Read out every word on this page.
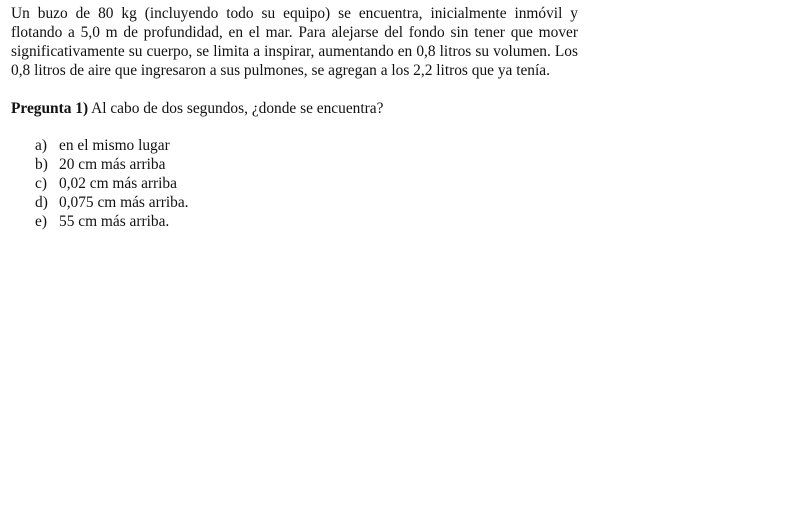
Un buzo de 80 kg (incluyendo todo su equipo) se encuentra, inicialmente inmóvil y flotando a 5,0 m de profundidad, en el mar. Para alejarse del fondo sin tener que mover significativamente su cuerpo, se limita a inspirar, aumentando en 0,8 litros su volumen. Los 0,8 litros de aire que ingresaron a sus pulmones, se agregan a los 2,2 litros que ya tenía.

Pregunta 1) Al cabo de dos segundos, ¿donde se encuentra?

a) en el mismo lugar
b) 20 cm más arriba
c) 0,02 cm más arriba
d) 0,075 cm más arriba.
e) 55 cm más arriba.
